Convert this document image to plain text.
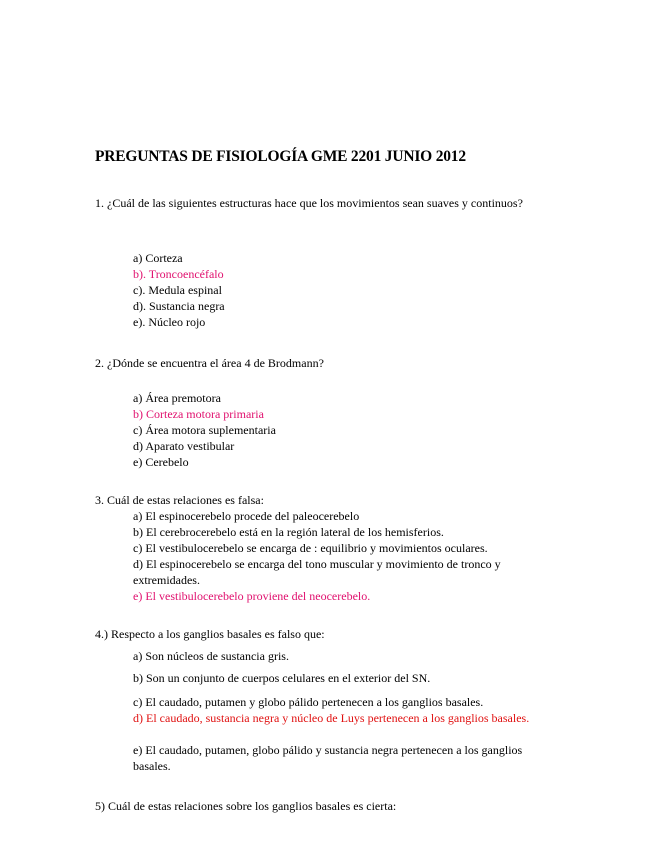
PREGUNTAS DE FISIOLOGÍA GME 2201 JUNIO 2012
1. ¿Cuál de las siguientes estructuras hace que los movimientos sean suaves y continuos?
a) Corteza
b). Troncoencéfalo
c). Medula espinal
d). Sustancia negra
e). Núcleo rojo
2. ¿Dónde se encuentra el área 4 de Brodmann?
a) Área premotora
b) Corteza motora primaria
c) Área motora suplementaria
d) Aparato vestibular
e) Cerebelo
3. Cuál de estas relaciones es falsa:
a) El espinocerebelo procede del paleocerebelo
b) El cerebrocerebelo está en la región lateral de los hemisferios.
c) El vestibulocerebelo se encarga de : equilibrio y movimientos oculares.
d) El espinocerebelo se encarga del tono muscular y movimiento de tronco y extremidades.
e) El vestibulocerebelo proviene del neocerebelo.
4.) Respecto a los ganglios basales es falso que:
a) Son núcleos de sustancia gris.
b) Son un conjunto de cuerpos celulares en el exterior del SN.
c) El caudado, putamen y globo pálido pertenecen a los ganglios basales.
d) El caudado, sustancia negra y núcleo de Luys pertenecen a los ganglios basales.
e) El caudado, putamen, globo pálido y sustancia negra pertenecen a los ganglios basales.
5) Cuál de estas relaciones sobre los ganglios basales es cierta:
